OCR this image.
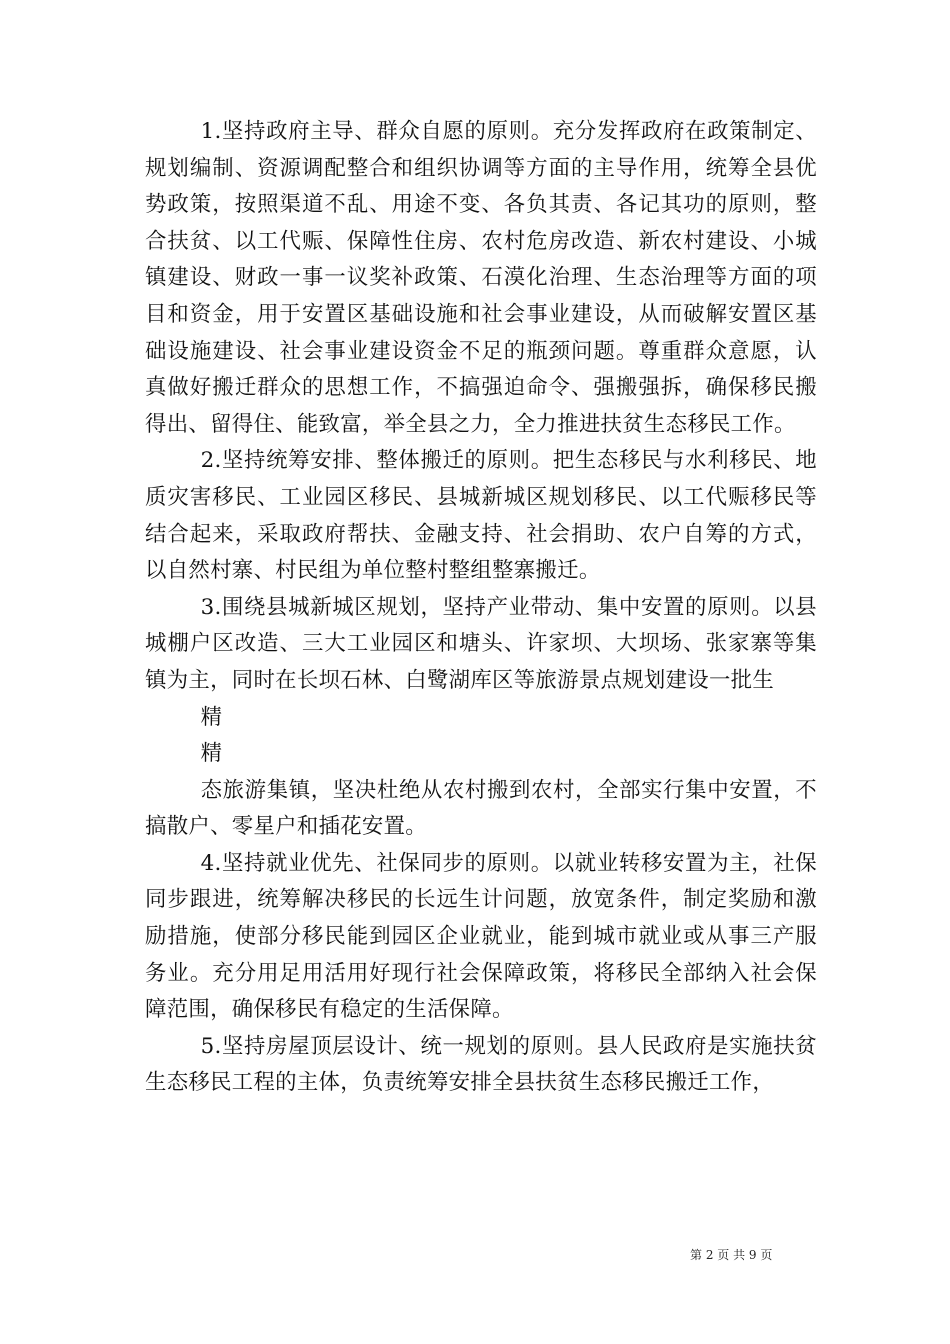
1.坚持政府主导、群众自愿的原则。充分发挥政府在政策制定、规划编制、资源调配整合和组织协调等方面的主导作用，统筹全县优势政策，按照渠道不乱、用途不变、各负其责、各记其功的原则，整合扶贫、以工代赈、保障性住房、农村危房改造、新农村建设、小城镇建设、财政一事一议奖补政策、石漠化治理、生态治理等方面的项目和资金，用于安置区基础设施和社会事业建设，从而破解安置区基础设施建设、社会事业建设资金不足的瓶颈问题。尊重群众意愿，认真做好搬迁群众的思想工作，不搞强迫命令、强搬强拆，确保移民搬得出、留得住、能致富，举全县之力，全力推进扶贫生态移民工作。

2.坚持统筹安排、整体搬迁的原则。把生态移民与水利移民、地质灾害移民、工业园区移民、县城新城区规划移民、以工代赈移民等结合起来，采取政府帮扶、金融支持、社会捐助、农户自筹的方式，以自然村寨、村民组为单位整村整组整寨搬迁。

3.围绕县城新城区规划，坚持产业带动、集中安置的原则。以县城棚户区改造、三大工业园区和塘头、许家坝、大坝场、张家寨等集镇为主，同时在长坝石林、白鹭湖库区等旅游景点规划建设一批生

精

精

态旅游集镇，坚决杜绝从农村搬到农村，全部实行集中安置，不搞散户、零星户和插花安置。

4.坚持就业优先、社保同步的原则。以就业转移安置为主，社保同步跟进，统筹解决移民的长远生计问题，放宽条件，制定奖励和激励措施，使部分移民能到园区企业就业，能到城市就业或从事三产服务业。充分用足用活用好现行社会保障政策，将移民全部纳入社会保障范围，确保移民有稳定的生活保障。

5.坚持房屋顶层设计、统一规划的原则。县人民政府是实施扶贫生态移民工程的主体，负责统筹安排全县扶贫生态移民搬迁工作，

第 2 页 共 9 页
